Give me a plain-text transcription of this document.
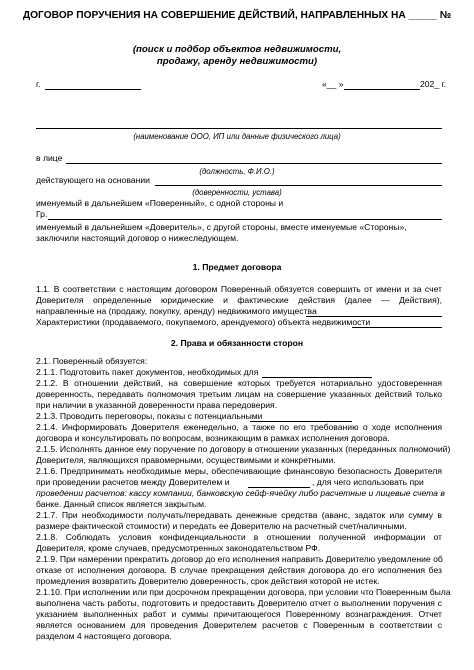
ДОГОВОР ПОРУЧЕНИЯ НА СОВЕРШЕНИЕ ДЕЙСТВИЙ, НАПРАВЛЕННЫХ НА _____ №
(поиск и подбор объектов недвижимости,
продажу, аренду недвижимости)
г.	«__ »	202_ г.
(наименование ООО, ИП или данные физического лица)
в лице
(должность, Ф.И.О.)
действующего на основании
(доверенности, устава)
именуемый в дальнейшем «Поверенный», с одной стороны и
Гр.
именуемый в дальнейшем «Доверитель», с другой стороны, вместе именуемые «Стороны»,
заключили настоящий договор о нижеследующем.
1. Предмет договора
1.1. В соответствии с настоящим договором Поверенный обязуется совершить от имени и за счет
Доверителя определенные юридические и фактические действия (далее — Действия),
направленные на (продажу, покупку, аренду) недвижимого имущества
Характеристики (продаваемого, покупаемого, арендуемого) объекта недвижимости
2. Права и обязанности сторон
2.1. Поверенный обязуется:
2.1.1. Подготовить пакет документов, необходимых для
2.1.2. В отношении действий, на совершение которых требуется нотариально удостоверенная
доверенность, передавать полномочия третьим лицам на совершение указанных действий только
при наличии в указанной доверенности права передоверия.
2.1.3. Проводить переговоры, показы с потенциальными
2.1.4. Информировать Доверителя еженедельно, а также по его требованию о ходе исполнения
договора и консультировать по вопросам, возникающим в рамках исполнения договора.
2.1.5. Исполнять данное ему поручение по договору в отношении указанных (переданных полномочий)
Доверителя, являющихся правомерными, осуществимыми и конкретными.
2.1.6. Предпринимать необходимые меры, обеспечивающие финансовую безопасность Доверителя
при проведении расчетов между Доверителем и	, для чего использовать при
проведении расчетов: кассу компании, банковскую сейф-ячейку либо расчетные и лицевые счета в
банке. Данный список является закрытым.
2.1.7. При необходимости получать/передавать денежные средства (аванс, задаток или сумму в
размере фактической стоимости) и передать ее Доверителю на расчетный счет/наличными.
2.1.8. Соблюдать условия конфиденциальности в отношении полученной информации от
Доверителя, кроме случаев, предусмотренных законодательством РФ.
2.1.9. При намерении прекратить договор до его исполнения направить Доверителю уведомление об
отказе от исполнения договора. В случае прекращения действия договора до его исполнения без
промедления возвратить Доверителю доверенность, срок действия которой не истек.
2.1.10. При исполнении или при досрочном прекращении договора, при условии что Поверенным была
выполнена часть работы, подготовить и предоставить Доверителю отчет о выполнении поручения с
указанием выполненных работ и суммы причитающегося Поверенному вознаграждения. Отчет
является основанием для проведения Доверителем расчетов с Поверенным в соответствии с
разделом 4 настоящего договора.
